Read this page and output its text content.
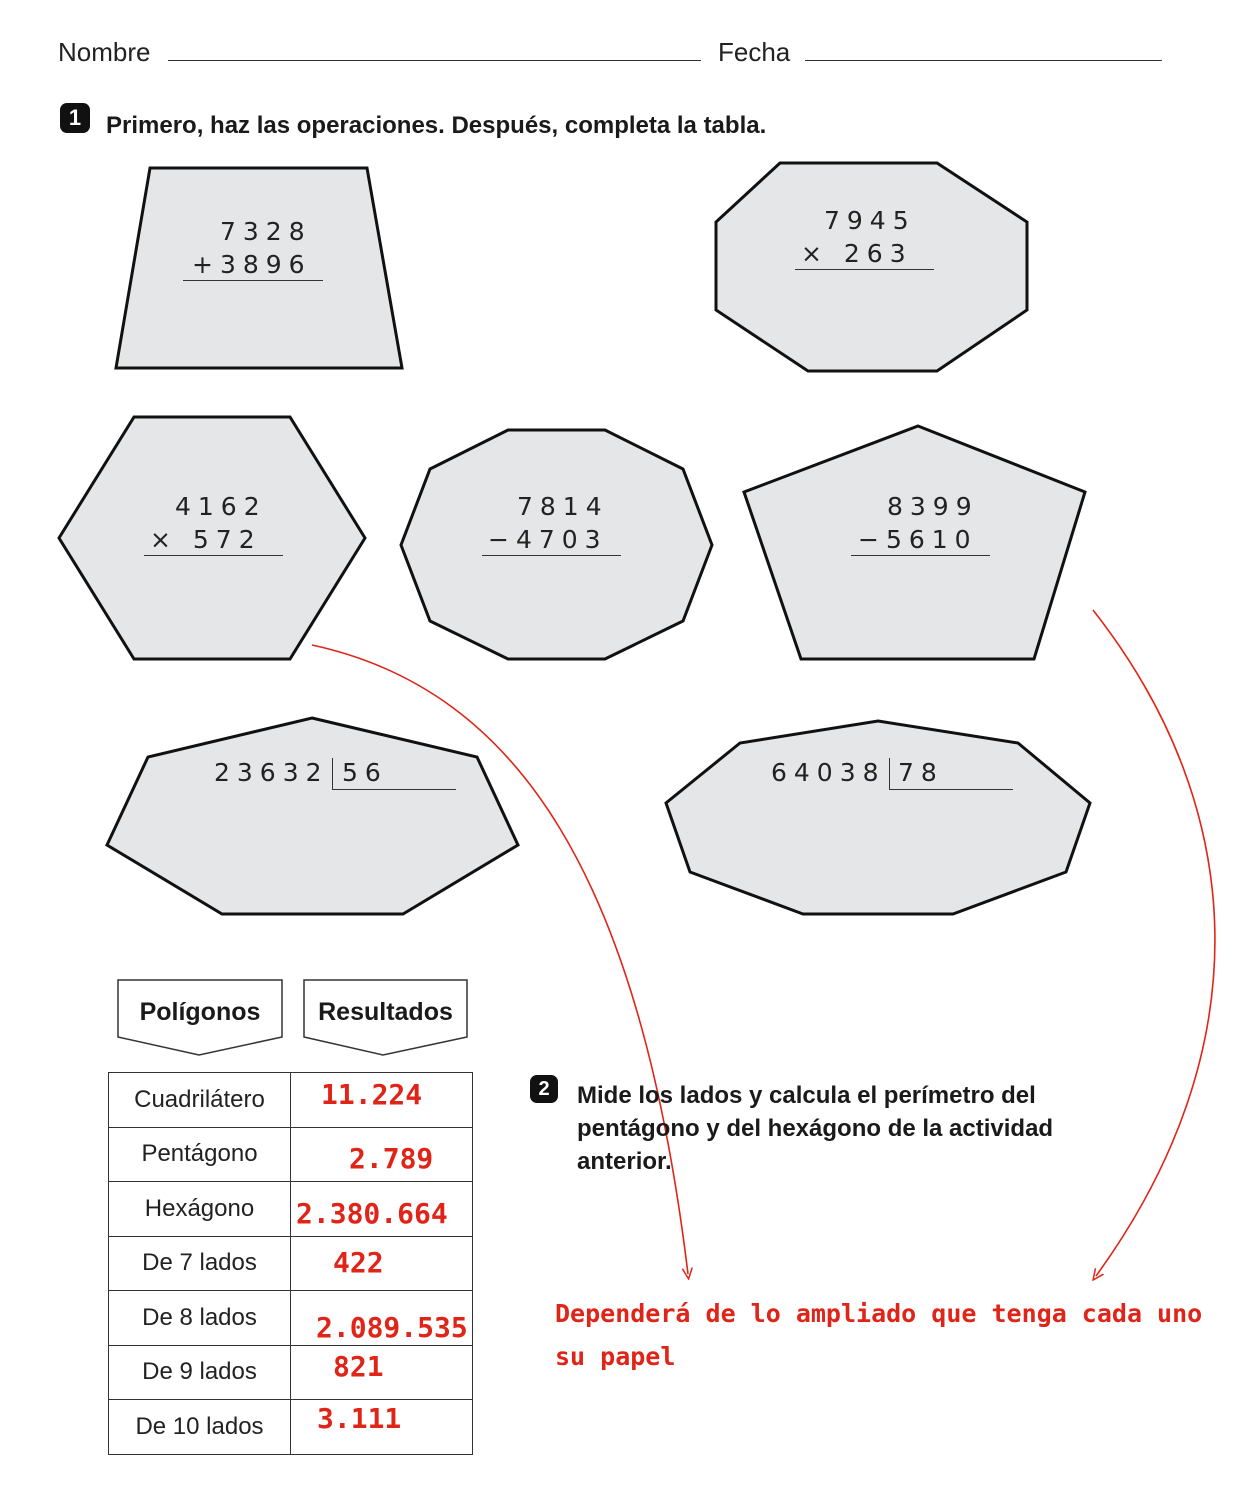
Nombre	Fecha
1	Primero, haz las operaciones. Después, completa la tabla.
7328
+3896
7945
× 263
4162
× 572
7814
−4703
8399
−5610
23632 56	64038 78
Polígonos	Resultados
Cuadrilátero	11.224

Pentágono	2.789

Hexágono	2.380.664

De 7 lados	422

De 8 lados	2.089.535

De 9 lados	821

De 10 lados	3.111
2	Mide los lados y calcula el perímetro del
pentágono y del hexágono de la actividad
anterior.
Dependerá de lo ampliado que tenga cada uno
su papel
